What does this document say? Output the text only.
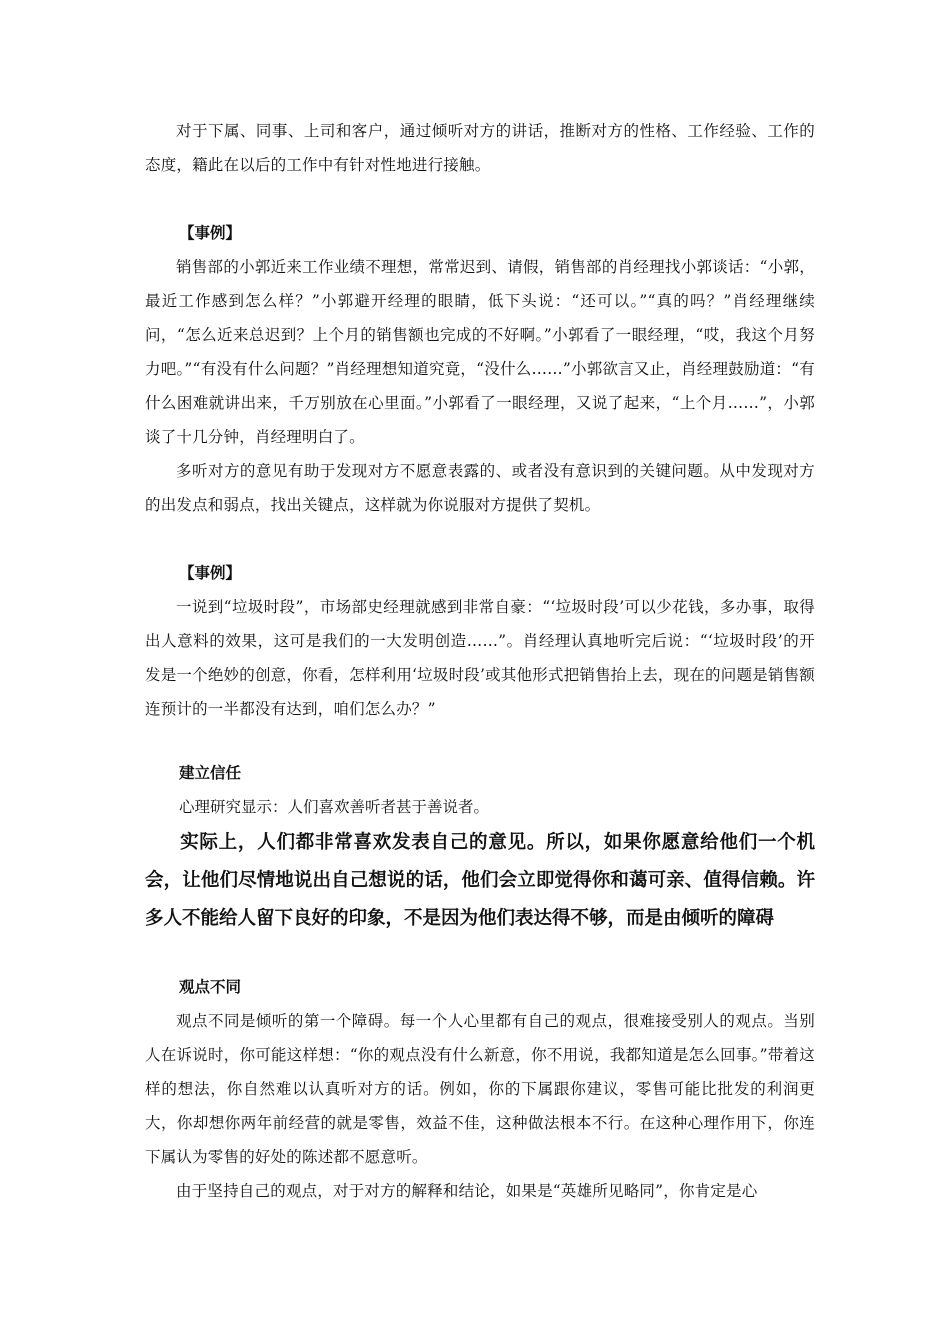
对于下属、同事、上司和客户，通过倾听对方的讲话，推断对方的性格、工作经验、工作的态度，籍此在以后的工作中有针对性地进行接触。

【事例】

销售部的小郭近来工作业绩不理想，常常迟到、请假，销售部的肖经理找小郭谈话：“小郭，最近工作感到怎么样？”小郭避开经理的眼睛，低下头说：“还可以。”“真的吗？”肖经理继续问，“怎么近来总迟到？上个月的销售额也完成的不好啊。”小郭看了一眼经理，“哎，我这个月努力吧。”“有没有什么问题？”肖经理想知道究竟，“没什么……”小郭欲言又止，肖经理鼓励道：“有什么困难就讲出来，千万别放在心里面。”小郭看了一眼经理，又说了起来，“上个月……”，小郭谈了十几分钟，肖经理明白了。

多听对方的意见有助于发现对方不愿意表露的、或者没有意识到的关键问题。从中发现对方的出发点和弱点，找出关键点，这样就为你说服对方提供了契机。

【事例】

一说到“垃圾时段”，市场部史经理就感到非常自豪：“‘垃圾时段’可以少花钱，多办事，取得出人意料的效果，这可是我们的一大发明创造……”。肖经理认真地听完后说：“‘垃圾时段’的开发是一个绝妙的创意，你看，怎样利用‘垃圾时段’或其他形式把销售抬上去，现在的问题是销售额连预计的一半都没有达到，咱们怎么办？”

建立信任

心理研究显示：人们喜欢善听者甚于善说者。

实际上，人们都非常喜欢发表自己的意见。所以，如果你愿意给他们一个机会，让他们尽情地说出自己想说的话，他们会立即觉得你和蔼可亲、值得信赖。许多人不能给人留下良好的印象，不是因为他们表达得不够，而是由倾听的障碍

观点不同

观点不同是倾听的第一个障碍。每一个人心里都有自己的观点，很难接受别人的观点。当别人在诉说时，你可能这样想：“你的观点没有什么新意，你不用说，我都知道是怎么回事。”带着这样的想法，你自然难以认真听对方的话。例如，你的下属跟你建议，零售可能比批发的利润更大，你却想你两年前经营的就是零售，效益不佳，这种做法根本不行。在这种心理作用下，你连下属认为零售的好处的陈述都不愿意听。

由于坚持自己的观点，对于对方的解释和结论，如果是“英雄所见略同”，你肯定是心
